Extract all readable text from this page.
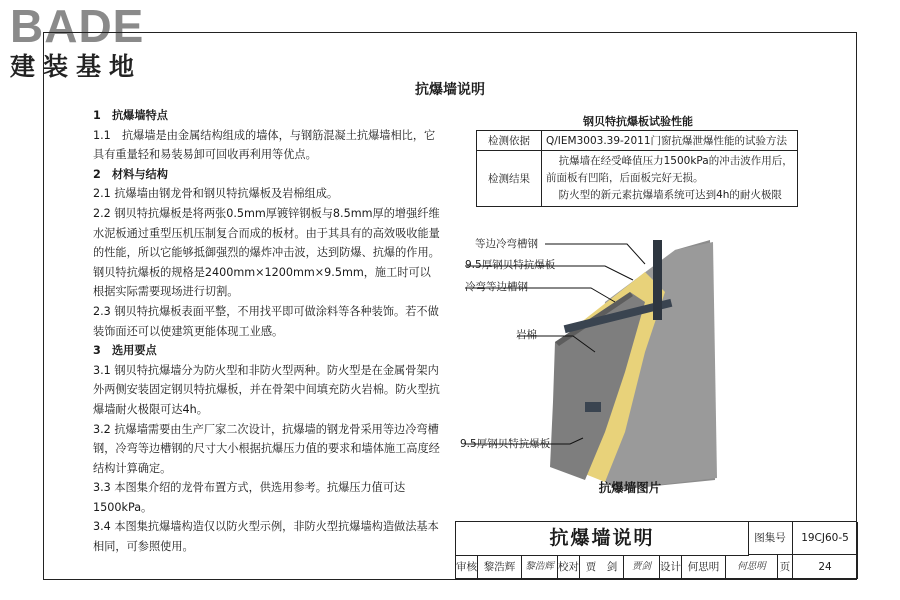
BADE
建装基地
抗爆墙说明

1　抗爆墙特点

1.1　抗爆墙是由金属结构组成的墙体，与钢筋混凝土抗爆墙相比，它具有重量轻和易装易卸可回收再利用等优点。

2　材料与结构

2.1 抗爆墙由钢龙骨和钢贝特抗爆板及岩棉组成。

2.2 钢贝特抗爆板是将两张0.5mm厚镀锌钢板与8.5mm厚的增强纤维水泥板通过重型压机压制复合而成的板材。由于其具有的高效吸收能量的性能，所以它能够抵御强烈的爆炸冲击波，达到防爆、抗爆的作用。钢贝特抗爆板的规格是2400mm×1200mm×9.5mm，施工时可以根据实际需要现场进行切割。

2.3 钢贝特抗爆板表面平整，不用找平即可做涂料等各种装饰。若不做装饰面还可以使建筑更能体现工业感。

3　选用要点

3.1 钢贝特抗爆墙分为防火型和非防火型两种。防火型是在金属骨架内外两侧安装固定钢贝特抗爆板，并在骨架中间填充防火岩棉。防火型抗爆墙耐火极限可达4h。

3.2 抗爆墙需要由生产厂家二次设计，抗爆墙的钢龙骨采用等边冷弯槽钢，冷弯等边槽钢的尺寸大小根据抗爆压力值的要求和墙体施工高度经结构计算确定。

3.3 本图集介绍的龙骨布置方式，供选用参考。抗爆压力值可达1500kPa。

3.4 本图集抗爆墙构造仅以防火型示例，非防火型抗爆墙构造做法基本相同，可参照使用。

钢贝特抗爆板试验性能
检测依据	Q/IEM3003.39-2011门窗抗爆泄爆性能的试验方法
检测结果	抗爆墙在经受峰值压力1500kPa的冲击波作用后，前面板有凹陷，后面板完好无损。
防火型的新元素抗爆墙系统可达到4h的耐火极限
等边冷弯槽钢
9.5厚钢贝特抗爆板
冷弯等边槽钢
岩棉
9.5厚钢贝特抗爆板
抗爆墙图片
抗爆墙说明	图集号	19CJ60-5
审核 黎浩辉	黎浩辉 校对 贾　剑	贾剑 设计 何思明	何思明	页	24
